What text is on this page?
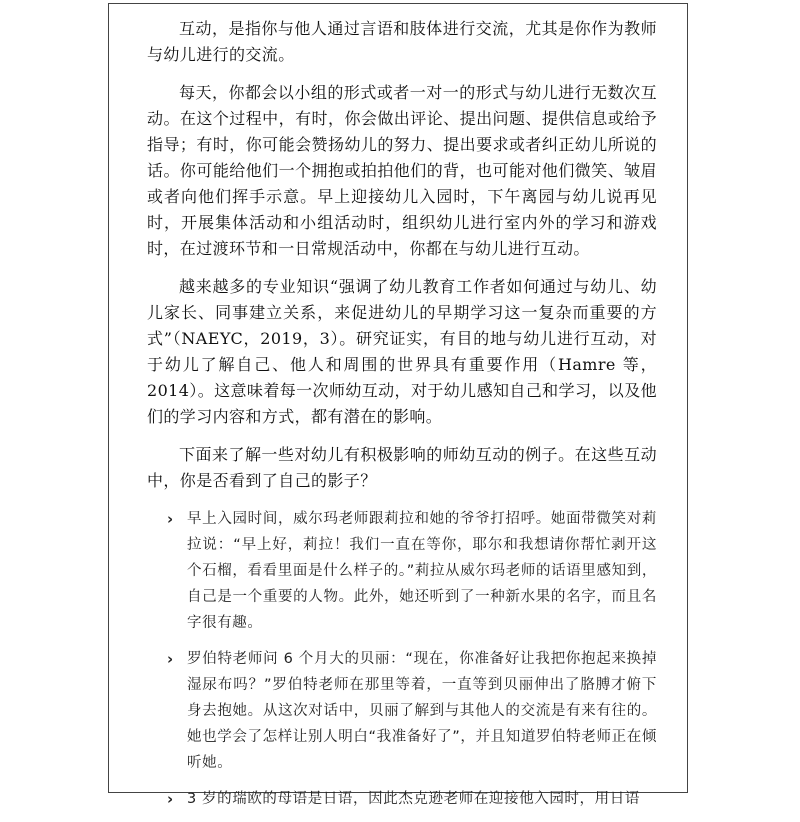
互动，是指你与他人通过言语和肢体进行交流，尤其是你作为教师与幼儿进行的交流。

每天，你都会以小组的形式或者一对一的形式与幼儿进行无数次互动。在这个过程中，有时，你会做出评论、提出问题、提供信息或给予指导；有时，你可能会赞扬幼儿的努力、提出要求或者纠正幼儿所说的话。你可能给他们一个拥抱或拍拍他们的背，也可能对他们微笑、皱眉或者向他们挥手示意。早上迎接幼儿入园时，下午离园与幼儿说再见时，开展集体活动和小组活动时，组织幼儿进行室内外的学习和游戏时，在过渡环节和一日常规活动中，你都在与幼儿进行互动。

越来越多的专业知识“强调了幼儿教育工作者如何通过与幼儿、幼儿家长、同事建立关系，来促进幼儿的早期学习这一复杂而重要的方式”（NAEYC，2019，3）。研究证实，有目的地与幼儿进行互动，对于幼儿了解自己、他人和周围的世界具有重要作用（Hamre 等，2014）。这意味着每一次师幼互动，对于幼儿感知自己和学习，以及他们的学习内容和方式，都有潜在的影响。

下面来了解一些对幼儿有积极影响的师幼互动的例子。在这些互动中，你是否看到了自己的影子？

› 早上入园时间，威尔玛老师跟莉拉和她的爷爷打招呼。她面带微笑对莉拉说：“早上好，莉拉！我们一直在等你，耶尔和我想请你帮忙剥开这个石榴，看看里面是什么样子的。”莉拉从威尔玛老师的话语里感知到，自己是一个重要的人物。此外，她还听到了一种新水果的名字，而且名字很有趣。
› 罗伯特老师问 6 个月大的贝丽：“现在，你准备好让我把你抱起来换掉湿尿布吗？”罗伯特老师在那里等着，一直等到贝丽伸出了胳膊才俯下身去抱她。从这次对话中，贝丽了解到与其他人的交流是有来有往的。她也学会了怎样让别人明白“我准备好了”，并且知道罗伯特老师正在倾听她。
› 3 岁的瑞欧的母语是日语，因此杰克逊老师在迎接他入园时，用日语
